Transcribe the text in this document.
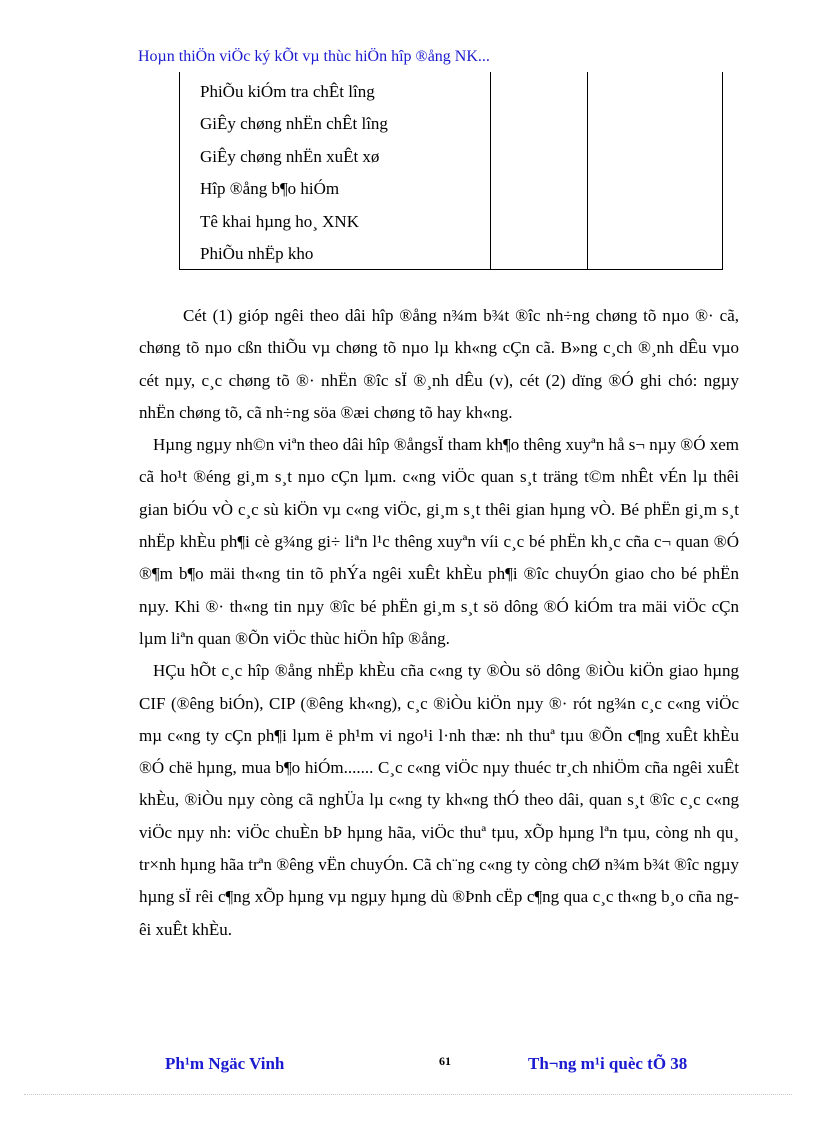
Hoµn thiÖn viÖc ký kÕt vµ thùc hiÖn hîp ®ång NK...
PhiÕu kiÓm tra chÊt lîng
GiÊy chøng nhËn chÊt lîng
GiÊy chøng nhËn xuÊt xø
Hîp ®ång b¶o hiÓm
Tê khai hµng ho¸ XNK
PhiÕu nhËp kho

Cét (1) gióp ngêi theo dâi hîp ®ång n¾m b¾t ®îc nh÷ng chøng tõ nµo ®· cã, chøng tõ nµo cßn thiÕu vµ chøng tõ nµo lµ kh«ng cÇn cã. B»ng c¸ch ®¸nh dÊu vµo cét nµy, c¸c chøng tõ ®· nhËn ®îc sÏ ®¸nh dÊu (v), cét (2) dïng ®Ó ghi chó: ngµy nhËn chøng tõ, cã nh÷ng söa ®æi chøng tõ hay kh«ng.

Hµng ngµy nh©n viªn theo dâi hîp ®ångsÏ tham kh¶o thêng xuyªn hå s¬ nµy ®Ó xem cã ho¹t ®éng gi¸m s¸t nµo cÇn lµm. c«ng viÖc quan s¸t träng t©m nhÊt vÉn lµ thêi gian biÓu vÒ c¸c sù kiÖn vµ c«ng viÖc, gi¸m s¸t thêi gian hµng vÒ. Bé phËn gi¸m s¸t nhËp khÈu ph¶i cè g¾ng gi÷ liªn l¹c thêng xuyªn víi c¸c bé phËn kh¸c cña c¬ quan ®Ó ®¶m b¶o mäi th«ng tin tõ phÝa ngêi xuÊt khÈu ph¶i ®îc chuyÓn giao cho bé phËn nµy. Khi ®· th«ng tin nµy ®îc bé phËn gi¸m s¸t sö dông ®Ó kiÓm tra mäi viÖc cÇn lµm liªn quan ®Õn viÖc thùc hiÖn hîp ®ång.

HÇu hÕt c¸c hîp ®ång nhËp khÈu cña c«ng ty ®Òu sö dông ®iÒu kiÖn giao hµng CIF (®êng biÓn), CIP (®êng kh«ng), c¸c ®iÒu kiÖn nµy ®· rót ng¾n c¸c c«ng viÖc mµ c«ng ty cÇn ph¶i lµm ë ph¹m vi ngo¹i l·nh thæ: nh thuª tµu ®Õn c¶ng xuÊt khÈu ®Ó chë hµng, mua b¶o hiÓm....... C¸c c«ng viÖc nµy thuéc tr¸ch nhiÖm cña ngêi xuÊt khÈu, ®iÒu nµy còng cã nghÜa lµ c«ng ty kh«ng thÓ theo dâi, quan s¸t ®îc c¸c c«ng viÖc nµy nh: viÖc chuÈn bÞ hµng hãa, viÖc thuª tµu, xÕp hµng lªn tµu, còng nh qu¸ tr×nh hµng hãa trªn ®êng vËn chuyÓn. Cã ch¨ng c«ng ty còng chØ n¾m b¾t ®îc ngµy hµng sÏ rêi c¶ng xÕp hµng vµ ngµy hµng dù ®Þnh cËp c¶ng qua c¸c th«ng b¸o cña ngêi xuÊt khÈu.

Ph¹m Ngäc Vinh	61	Th¬ng m¹i quèc tÕ 38
